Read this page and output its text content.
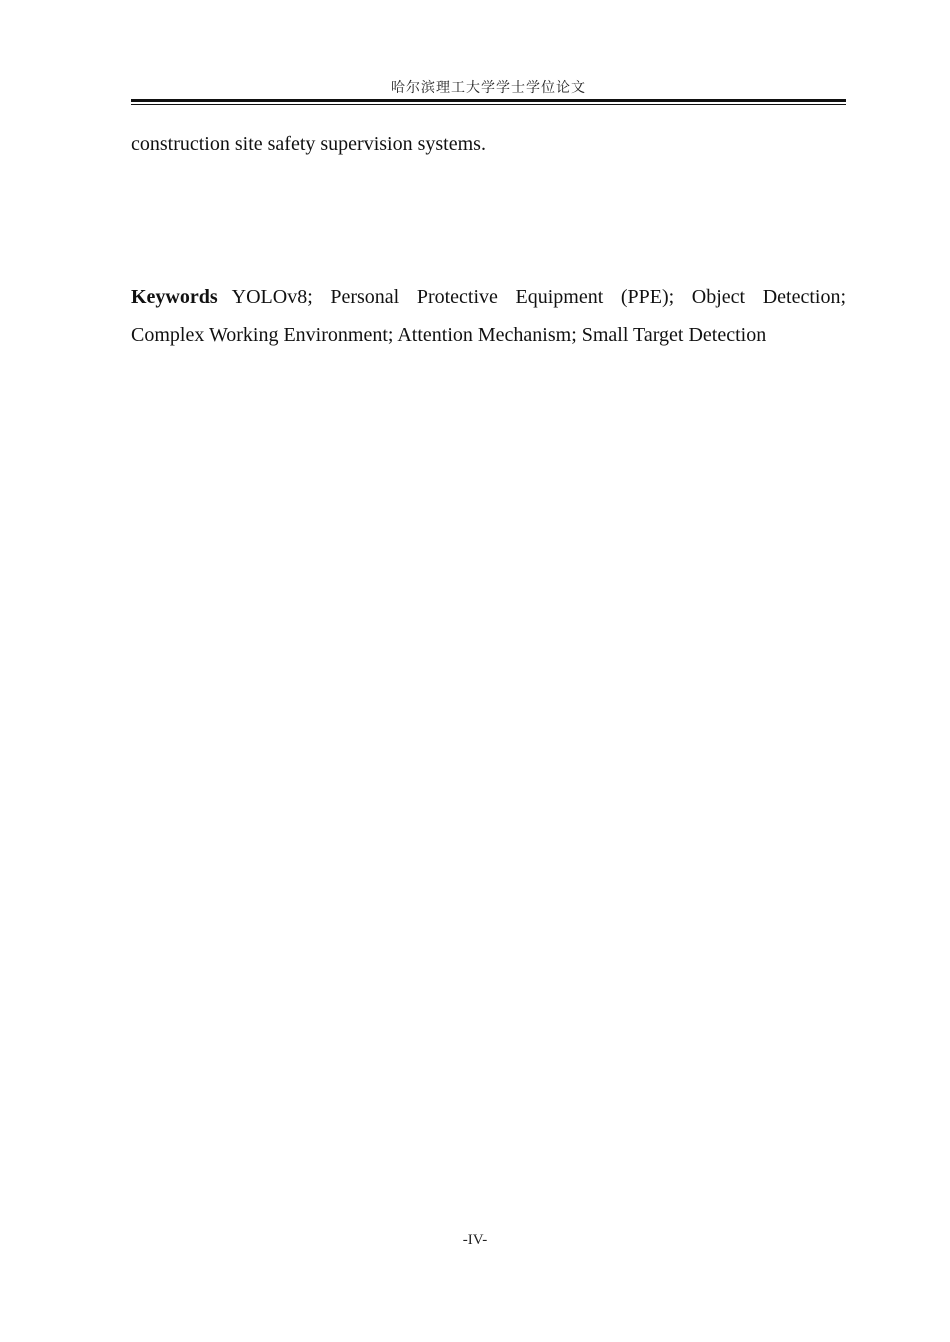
哈尔滨理工大学学士学位论文
construction site safety supervision systems.
Keywords YOLOv8; Personal Protective Equipment (PPE); Object Detection; Complex Working Environment; Attention Mechanism; Small Target Detection
-IV-
